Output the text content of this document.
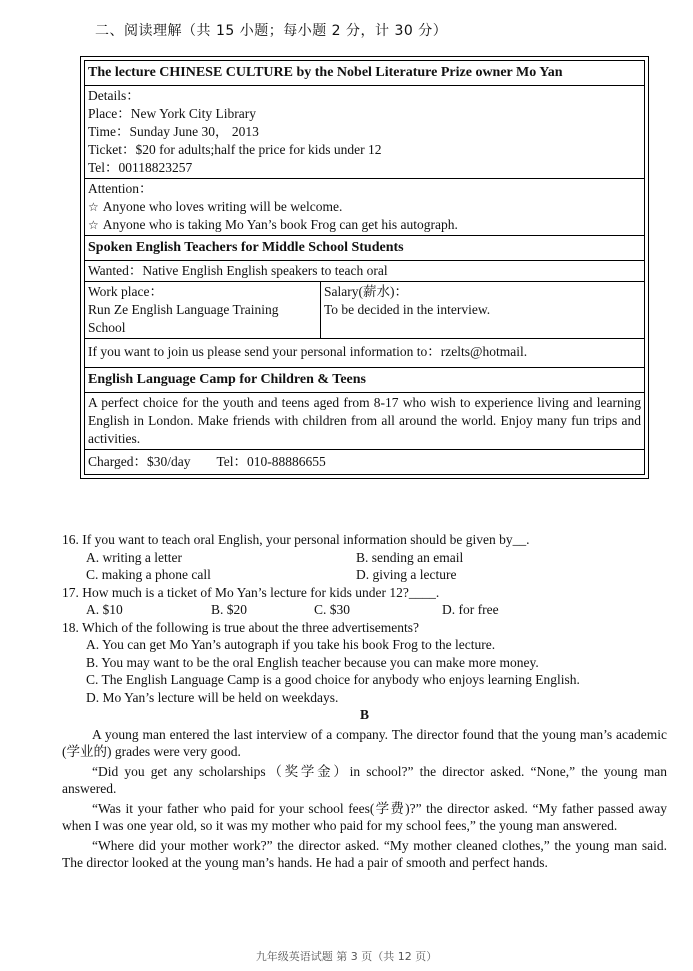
二、阅读理解（共 15 小题；每小题 2 分，计 30 分）
The lecture CHINESE CULTURE by the Nobel Literature Prize owner Mo Yan
Details：
Place：New York City Library
Time：Sunday June 30， 2013
Ticket：$20 for adults;half the price for kids under 12
Tel：00118823257
Attention：
☆ Anyone who loves writing will be welcome.
☆ Anyone who is taking Mo Yan’s book Frog can get his autograph.
Spoken English Teachers for Middle School Students
Wanted：Native English English speakers to teach oral
Work place：
Run Ze English Language Training School
Salary(薪水)：
To be decided in the interview.
If you want to join us please send your personal information to：rzelts@hotmail.
English Language Camp for Children & Teens
A perfect choice for the youth and teens aged from 8-17 who wish to experience living and learning English in London. Make friends with children from all around the world. Enjoy many fun trips and activities.
Charged：$30/day Tel：010-88886655

16. If you want to teach oral English, your personal information should be given by__.

A. writing a letter	B. sending an email
C. making a phone call	D. giving a lecture

17. How much is a ticket of Mo Yan’s lecture for kids under 12?____.

A. $10	B. $20	C. $30	D. for free

18. Which of the following is true about the three advertisements?

A. You can get Mo Yan’s autograph if you take his book Frog to the lecture.
B. You may want to be the oral English teacher because you can make more money.
C. The English Language Camp is a good choice for anybody who enjoys learning English.
D. Mo Yan’s lecture will be held on weekdays.
B

A young man entered the last interview of a company. The director found that the young man’s academic (学业的) grades were very good.

“Did you get any scholarships（奖学金）in school?” the director asked. “None,” the young man answered.

“Was it your father who paid for your school fees(学费)?” the director asked. “My father passed away when I was one year old, so it was my mother who paid for my school fees,” the young man answered.

“Where did your mother work?” the director asked. “My mother cleaned clothes,” the young man said. The director looked at the young man’s hands. He had a pair of smooth and perfect hands.

九年级英语试题 第 3 页（共 12 页）
